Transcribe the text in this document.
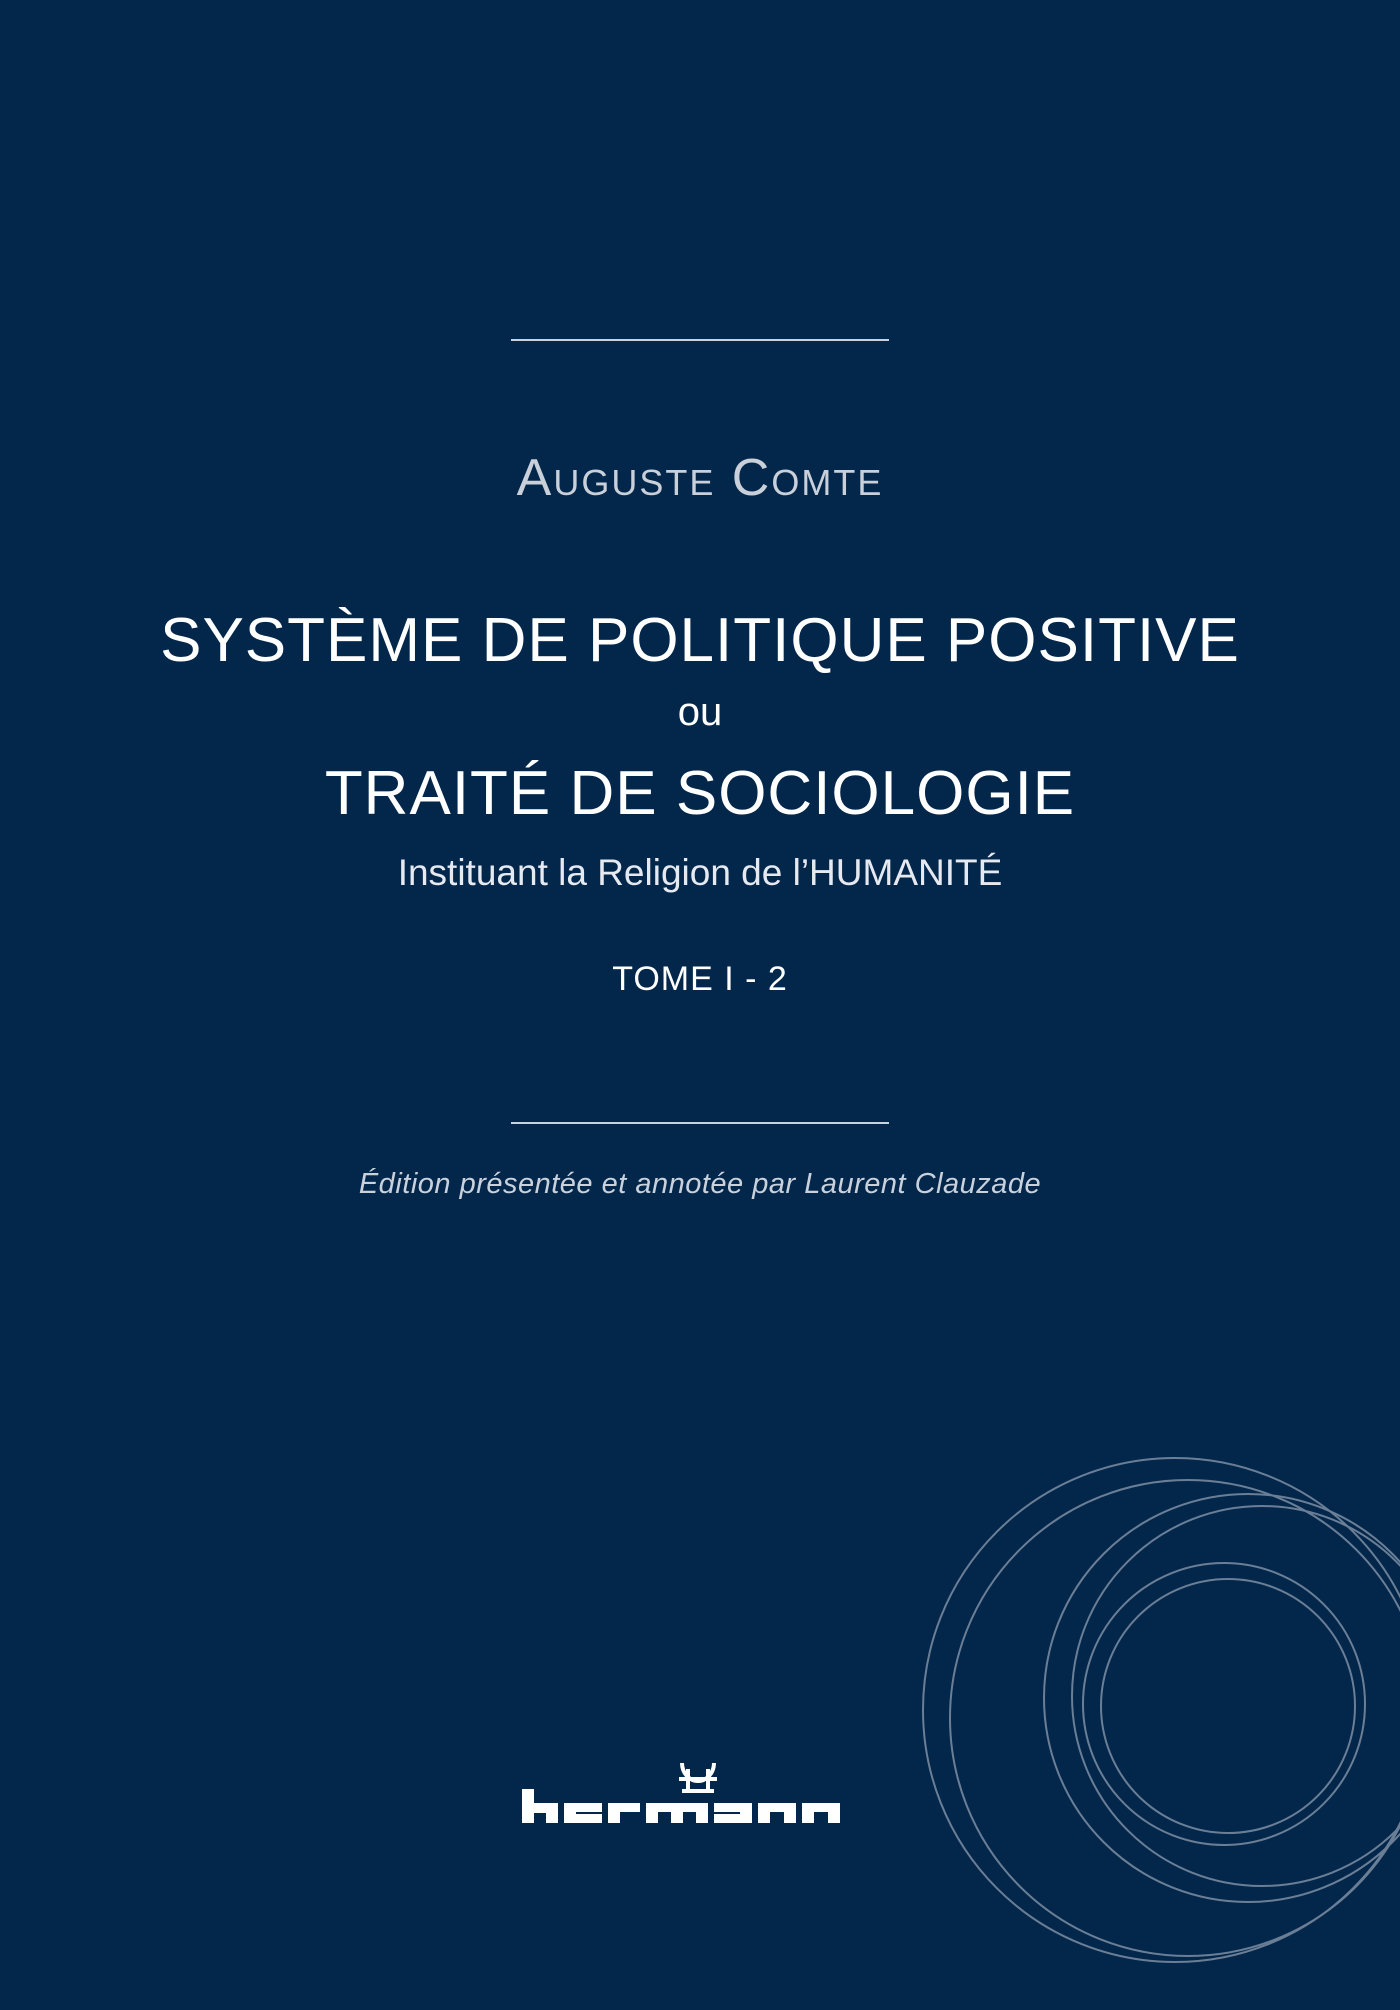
Auguste Comte
SYSTÈME DE POLITIQUE POSITIVE
ou
TRAITÉ DE SOCIOLOGIE
Instituant la Religion de l’HUMANITÉ
TOME I - 2
Édition présentée et annotée par Laurent Clauzade
